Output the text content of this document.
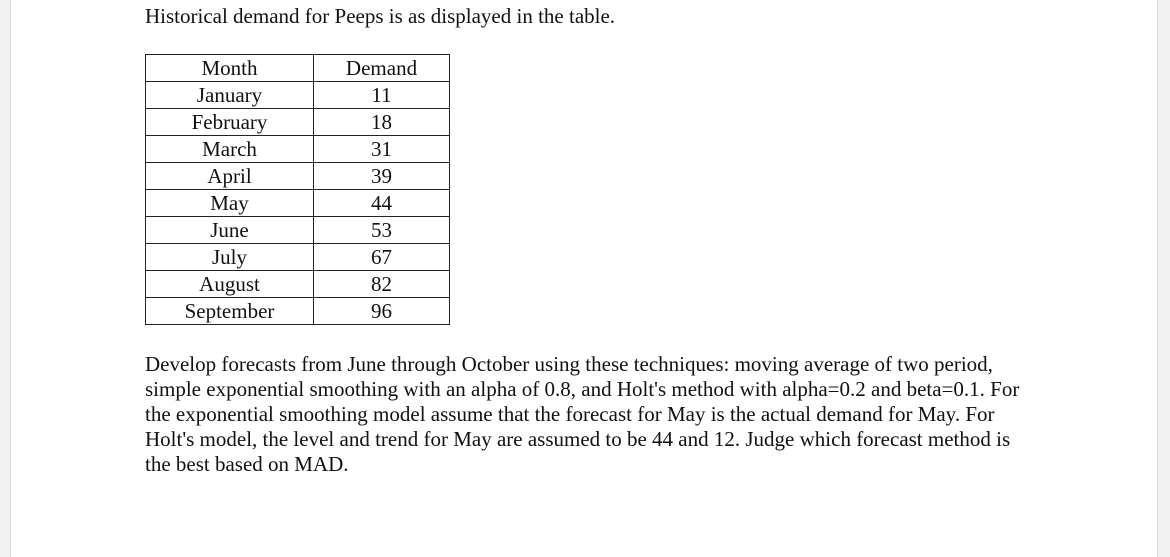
Historical demand for Peeps is as displayed in the table.

Month	Demand
January	11
February	18
March	31
April	39
May	44
June	53
July	67
August	82
September	96

Develop forecasts from June through October using these techniques: moving average of two period, simple exponential smoothing with an alpha of 0.8, and Holt's method with alpha=0.2 and beta=0.1. For the exponential smoothing model assume that the forecast for May is the actual demand for May. For Holt's model, the level and trend for May are assumed to be 44 and 12. Judge which forecast method is the best based on MAD.
